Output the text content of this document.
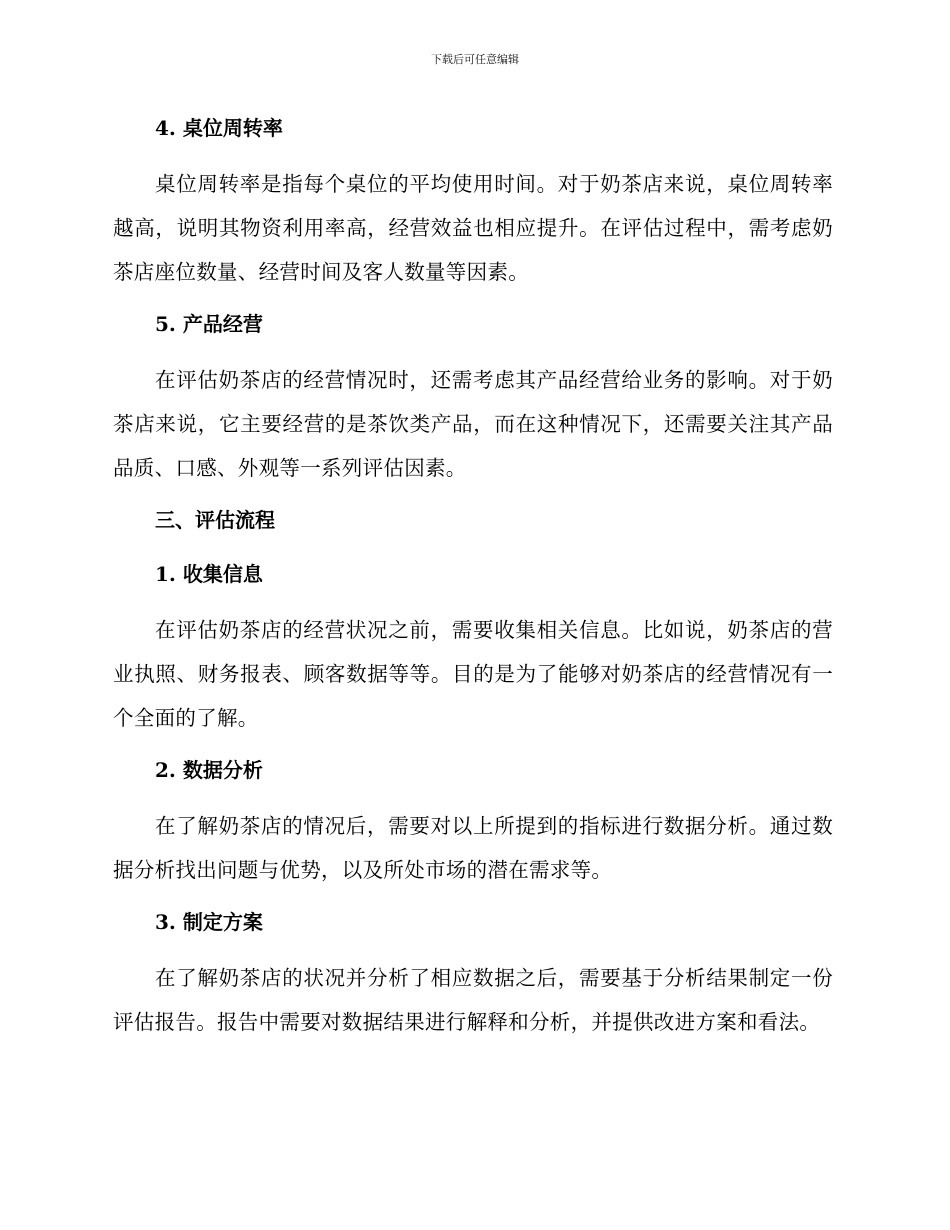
下载后可任意编辑
4. 桌位周转率

桌位周转率是指每个桌位的平均使用时间。对于奶茶店来说，桌位周转率越高，说明其物资利用率高，经营效益也相应提升。在评估过程中，需考虑奶茶店座位数量、经营时间及客人数量等因素。

5. 产品经营

在评估奶茶店的经营情况时，还需考虑其产品经营给业务的影响。对于奶茶店来说，它主要经营的是茶饮类产品，而在这种情况下，还需要关注其产品品质、口感、外观等一系列评估因素。

三、评估流程
1. 收集信息

在评估奶茶店的经营状况之前，需要收集相关信息。比如说，奶茶店的营业执照、财务报表、顾客数据等等。目的是为了能够对奶茶店的经营情况有一个全面的了解。

2. 数据分析

在了解奶茶店的情况后，需要对以上所提到的指标进行数据分析。通过数据分析找出问题与优势，以及所处市场的潜在需求等。

3. 制定方案

在了解奶茶店的状况并分析了相应数据之后，需要基于分析结果制定一份评估报告。报告中需要对数据结果进行解释和分析，并提供改进方案和看法。
